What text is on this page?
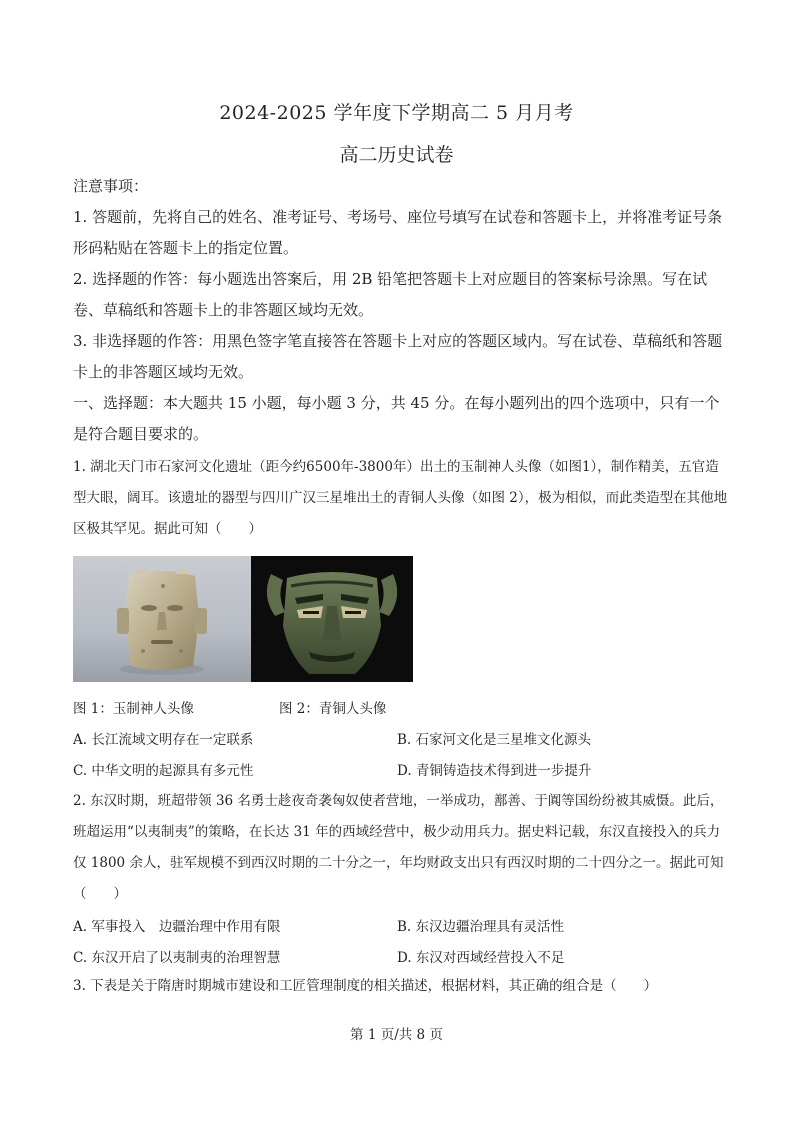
2024-2025 学年度下学期高二 5 月月考
高二历史试卷
注意事项：
1. 答题前，先将自己的姓名、准考证号、考场号、座位号填写在试卷和答题卡上，并将准考证号条形码粘贴在答题卡上的指定位置。
2. 选择题的作答：每小题选出答案后，用 2B 铅笔把答题卡上对应题目的答案标号涂黑。写在试卷、草稿纸和答题卡上的非答题区域均无效。
3. 非选择题的作答：用黑色签字笔直接答在答题卡上对应的答题区域内。写在试卷、草稿纸和答题卡上的非答题区域均无效。
一、选择题：本大题共 15 小题，每小题 3 分，共 45 分。在每小题列出的四个选项中，只有一个是符合题目要求的。
1. 湖北天门市石家河文化遗址（距今约6500年-3800年）出土的玉制神人头像（如图1），制作精美，五官造型大眼，阔耳。该遗址的器型与四川广汉三星堆出土的青铜人头像（如图 2），极为相似，而此类造型在其他地区极其罕见。据此可知（　　）
图 1：玉制神人头像	图 2：青铜人头像
A. 长江流域文明存在一定联系	B. 石家河文化是三星堆文化源头
C. 中华文明的起源具有多元性	D. 青铜铸造技术得到进一步提升
2. 东汉时期，班超带领 36 名勇士趁夜奇袭匈奴使者营地，一举成功，鄯善、于阗等国纷纷被其威慑。此后，班超运用“以夷制夷”的策略，在长达 31 年的西域经营中，极少动用兵力。据史料记载，东汉直接投入的兵力仅 1800 余人，驻军规模不到西汉时期的二十分之一，年均财政支出只有西汉时期的二十四分之一。据此可知（　　）
A. 军事投入　边疆治理中作用有限	B. 东汉边疆治理具有灵活性
C. 东汉开启了以夷制夷的治理智慧	D. 东汉对西域经营投入不足
3. 下表是关于隋唐时期城市建设和工匠管理制度的相关描述，根据材料，其正确的组合是（　　）
第 1 页/共 8 页
